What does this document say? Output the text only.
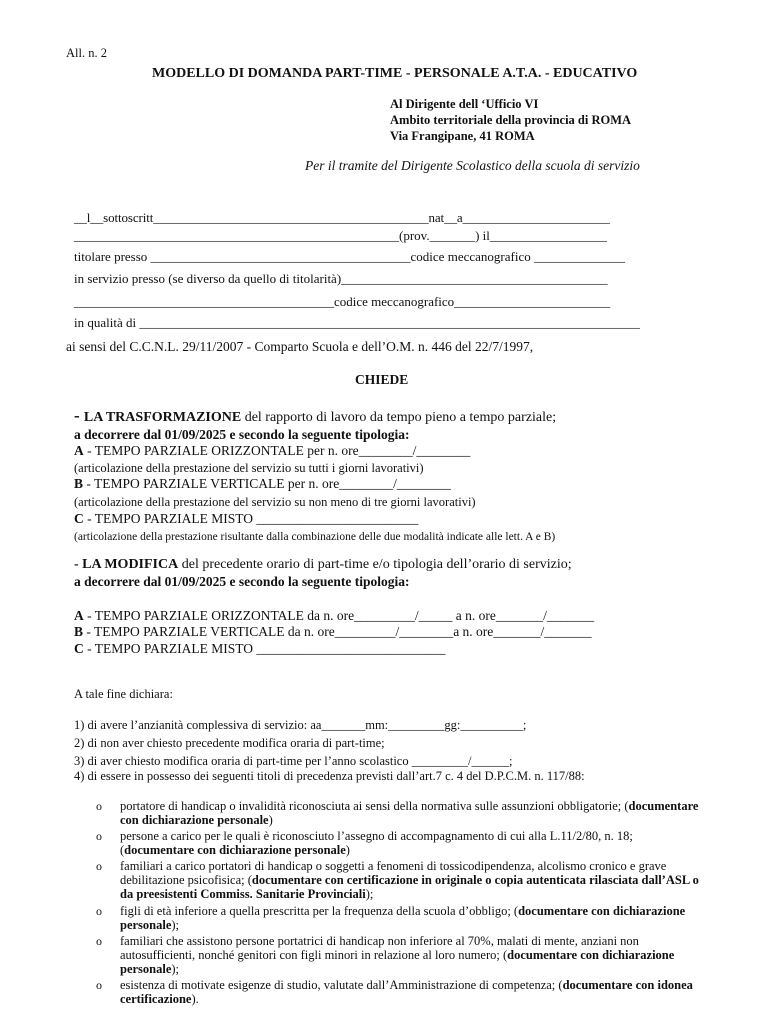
All. n. 2
MODELLO DI DOMANDA PART-TIME - PERSONALE A.T.A. - EDUCATIVO
Al Dirigente dell ‘Ufficio VI
Ambito territoriale della provincia di ROMA
Via Frangipane, 41 ROMA
Per il tramite del Dirigente Scolastico della scuola di servizio
__l__sottoscritt___________________________________________nat__a_______________________
__________________________________________________(prov._______) il__________________
titolare presso ________________________________________codice meccanografico ______________
in servizio presso (se diverso da quello di titolarità)_________________________________________
________________________________________codice meccanografico________________________
in qualità di _____________________________________________________________________________
ai sensi del C.C.N.L. 29/11/2007 - Comparto Scuola e dell’O.M. n. 446 del 22/7/1997,
CHIEDE
- LA TRASFORMAZIONE del rapporto di lavoro da tempo pieno a tempo parziale;
a decorrere dal 01/09/2025 e secondo la seguente tipologia:
A - TEMPO PARZIALE ORIZZONTALE per n. ore________/________
(articolazione della prestazione del servizio su tutti i giorni lavorativi)
B - TEMPO PARZIALE VERTICALE per n. ore________/________
(articolazione della prestazione del servizio su non meno di tre giorni lavorativi)
C - TEMPO PARZIALE MISTO ________________________
(articolazione della prestazione risultante dalla combinazione delle due modalità indicate alle lett. A e B)
- LA MODIFICA del precedente orario di part-time e/o tipologia dell’orario di servizio;
a decorrere dal 01/09/2025 e secondo la seguente tipologia:
A - TEMPO PARZIALE ORIZZONTALE da n. ore_________/_____ a n. ore_______/_______
B - TEMPO PARZIALE VERTICALE da n. ore_________/________a n. ore_______/_______
C - TEMPO PARZIALE MISTO ____________________________
A tale fine dichiara:
1) di avere l’anzianità complessiva di servizio: aa_______mm:_________gg:__________;
2) di non aver chiesto precedente modifica oraria di part-time;
3) di aver chiesto modifica oraria di part-time per l’anno scolastico _________/______;
4) di essere in possesso dei seguenti titoli di precedenza previsti dall’art.7 c. 4 del D.P.C.M. n. 117/88:
o portatore di handicap o invalidità riconosciuta ai sensi della normativa sulle assunzioni obbligatorie; (documentare con dichiarazione personale)
o persone a carico per le quali è riconosciuto l’assegno di accompagnamento di cui alla L.11/2/80, n. 18; (documentare con dichiarazione personale)
o familiari a carico portatori di handicap o soggetti a fenomeni di tossicodipendenza, alcolismo cronico e grave debilitazione psicofisica; (documentare con certificazione in originale o copia autenticata rilasciata dall’ASL o da preesistenti Commiss. Sanitarie Provinciali);
o figli di età inferiore a quella prescritta per la frequenza della scuola d’obbligo; (documentare con dichiarazione personale);
o familiari che assistono persone portatrici di handicap non inferiore al 70%, malati di mente, anziani non autosufficienti, nonché genitori con figli minori in relazione al loro numero; (documentare con dichiarazione personale);
o esistenza di motivate esigenze di studio, valutate dall’Amministrazione di competenza; (documentare con idonea certificazione).
